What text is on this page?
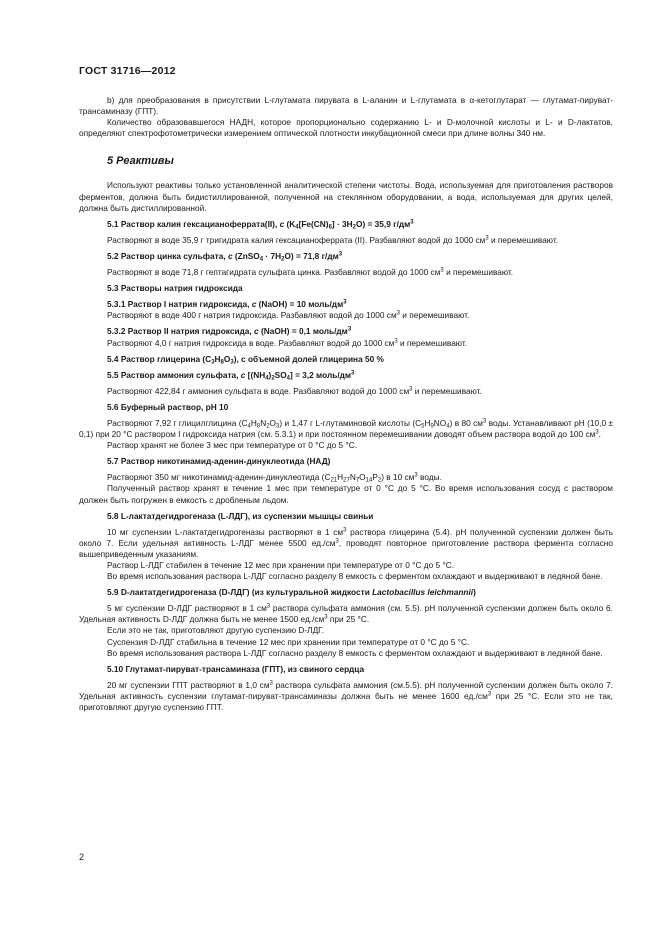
ГОСТ 31716—2012

b) для преобразования в присутствии L-глутамата пирувата в L-аланин и L-глутамата в α-кетоглутарат — глутамат-пируват-трансаминазу (ГПТ).

Количество образовавшегося НАДН, которое пропорционально содержанию L- и D-молочной кислоты и L- и D-лактатов, определяют спектрофотометрически измерением оптической плотности инкубационной смеси при длине волны 340 нм.

5 Реактивы

Используют реактивы только установленной аналитической степени чистоты. Вода, используемая для приготовления растворов ферментов, должна быть бидистиллированной, полученной на стеклянном оборудовании, а вода, используемая для других целей, должна быть дистиллированной.

5.1 Раствор калия гексацианоферрата(II), c $(K_4[Fe(CN)_6] \cdot 3H_2O) = 35,9$ $г/дм^3$

Растворяют в воде 35,9 г тригидрата калия гексацианоферрата (II). Разбавляют водой до 1000 $см^3$ и перемешивают.

5.2 Раствор цинка сульфата, c (ZnSO$_4$ · $7H_2O) = 71,8$ $г/дм^3$

Растворяют в воде 71,8 г гептагидрата сульфата цинка. Разбавляют водой до 1000 $см^3$ и перемешивают.

5.3 Растворы натрия гидроксида

5.3.1 Раствор I натрия гидроксида, c (NaOH) = 10 моль/$дм^3$

Растворяют в воде 400 г натрия гидроксида. Разбавляют водой до 1000 $см^3$ и перемешивают.

5.3.2 Раствор II натрия гидроксида, c (NaOH) = 0,1 моль/$дм^3$

Растворяют 4,0 г натрия гидроксида в воде. Разбавляют водой до 1000 $см^3$ и перемешивают.

5.4 Раствор глицерина $(C_3H_8O_3)$, с объемной долей глицерина 50 %

5.5 Раствор аммония сульфата, c $[(NH_4)_2SO_4] = 3,2$ моль/$дм^3$

Растворяют 422,84 г аммония сульфата в воде. Разбавляют водой до 1000 $см^3$ и перемешивают.

5.6 Буферный раствор, pH 10

Растворяют 7,92 г глицилглицина $(C_4H_8N_2O_3)$ и 1,47 г L-глутаминовой кислоты $(C_5H_9NO_4)$ в 80 $см^3$ воды. Устанавливают pH (10,0 ± 0,1) при 20 °C раствором I гидроксида натрия (см. 5.3.1) и при постоянном перемешивании доводят объем раствора водой до 100 $см^3$.

Раствор хранят не более 3 мес при температуре от 0 °C до 5 °C.

5.7 Раствор никотинамид-аденин-динуклеотида (НАД)

Растворяют 350 мг никотинамид-аденин-динуклеотида $(C_{21}H_{27}N_7O_{14}P_2)$ в 10 $см^3$ воды.

Полученный раствор хранят в течение 1 мес при температуре от 0 °C до 5 °C. Во время использования сосуд с раствором должен быть погружен в емкость с дробленым льдом.

5.8 L-лактатдегидрогеназа (L-ЛДГ), из суспензии мышцы свиньи

10 мг суспензии L-лактатдегидрогеназы растворяют в 1 $см^3$ раствора глицерина (5.4). pH полученной суспензии должен быть около 7. Если удельная активность L-ЛДГ менее 5500 $ед./см^3$, проводят повторное приготовление раствора фермента согласно вышеприведенным указаниям.

Раствор L-ЛДГ стабилен в течение 12 мес при хранении при температуре от 0 °C до 5 °C.

Во время использования раствора L-ЛДГ согласно разделу 8 емкость с ферментом охлаждают и выдерживают в ледяной бане.

5.9 D-лактатдегидрогеназа (D-ЛДГ) (из культуральной жидкости Lactobacillus leichmannii)

5 мг суспензии D-ЛДГ растворяют в 1 $см^3$ раствора сульфата аммония (см. 5.5). pH полученной суспензии должен быть около 6. Удельная активность D-ЛДГ должна быть не менее 1500 $ед./см^3$ при 25 °C.

Если это не так, приготовляют другую суспензию D-ЛДГ.

Суспензия D-ЛДГ стабильна в течение 12 мес при хранении при температуре от 0 °C до 5 °C.

Во время использования раствора L-ЛДГ согласно разделу 8 емкость с ферментом охлаждают и выдерживают в ледяной бане.

5.10 Глутамат-пируват-трансаминаза (ГПТ), из свиного сердца

20 мг суспензии ГПТ растворяют в 1,0 $см^3$ раствора сульфата аммония (см.5.5). pH полученной суспензии должен быть около 7. Удельная активность суспензии глутамат-пируват-трансаминазы должна быть не менее 1600 $ед./см^3$ при 25 °C. Если это не так, приготовляют другую суспензию ГПТ.

2
